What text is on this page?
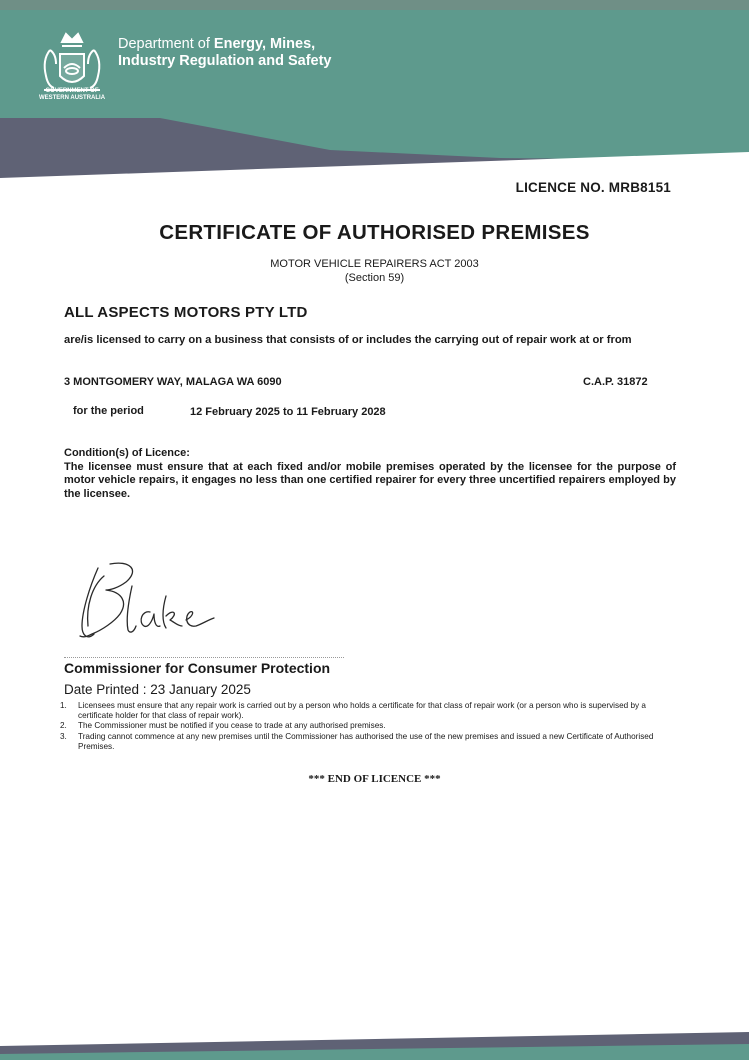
GOVERNMENT OF
WESTERN AUSTRALIA
Department of Energy, Mines,
Industry Regulation and Safety
LICENCE NO. MRB8151
CERTIFICATE OF AUTHORISED PREMISES
MOTOR VEHICLE REPAIRERS ACT 2003
(Section 59)
ALL ASPECTS MOTORS PTY LTD
are/is licensed to carry on a business that consists of or includes the carrying out of repair work at or from
3 MONTGOMERY WAY, MALAGA WA 6090	C.A.P. 31872
for the period	12 February 2025 to 11 February 2028
Condition(s) of Licence:
The licensee must ensure that at each fixed and/or mobile premises operated by the licensee for the purpose of motor vehicle repairs, it engages no less than one certified repairer for every three uncertified repairers employed by the licensee.
Commissioner for Consumer Protection
Date Printed : 23 January 2025
1. Licensees must ensure that any repair work is carried out by a person who holds a certificate for that class of repair work (or a person who is supervised by a certificate holder for that class of repair work).
2. The Commissioner must be notified if you cease to trade at any authorised premises.
3. Trading cannot commence at any new premises until the Commissioner has authorised the use of the new premises and issued a new Certificate of Authorised Premises.
*** END OF LICENCE ***
